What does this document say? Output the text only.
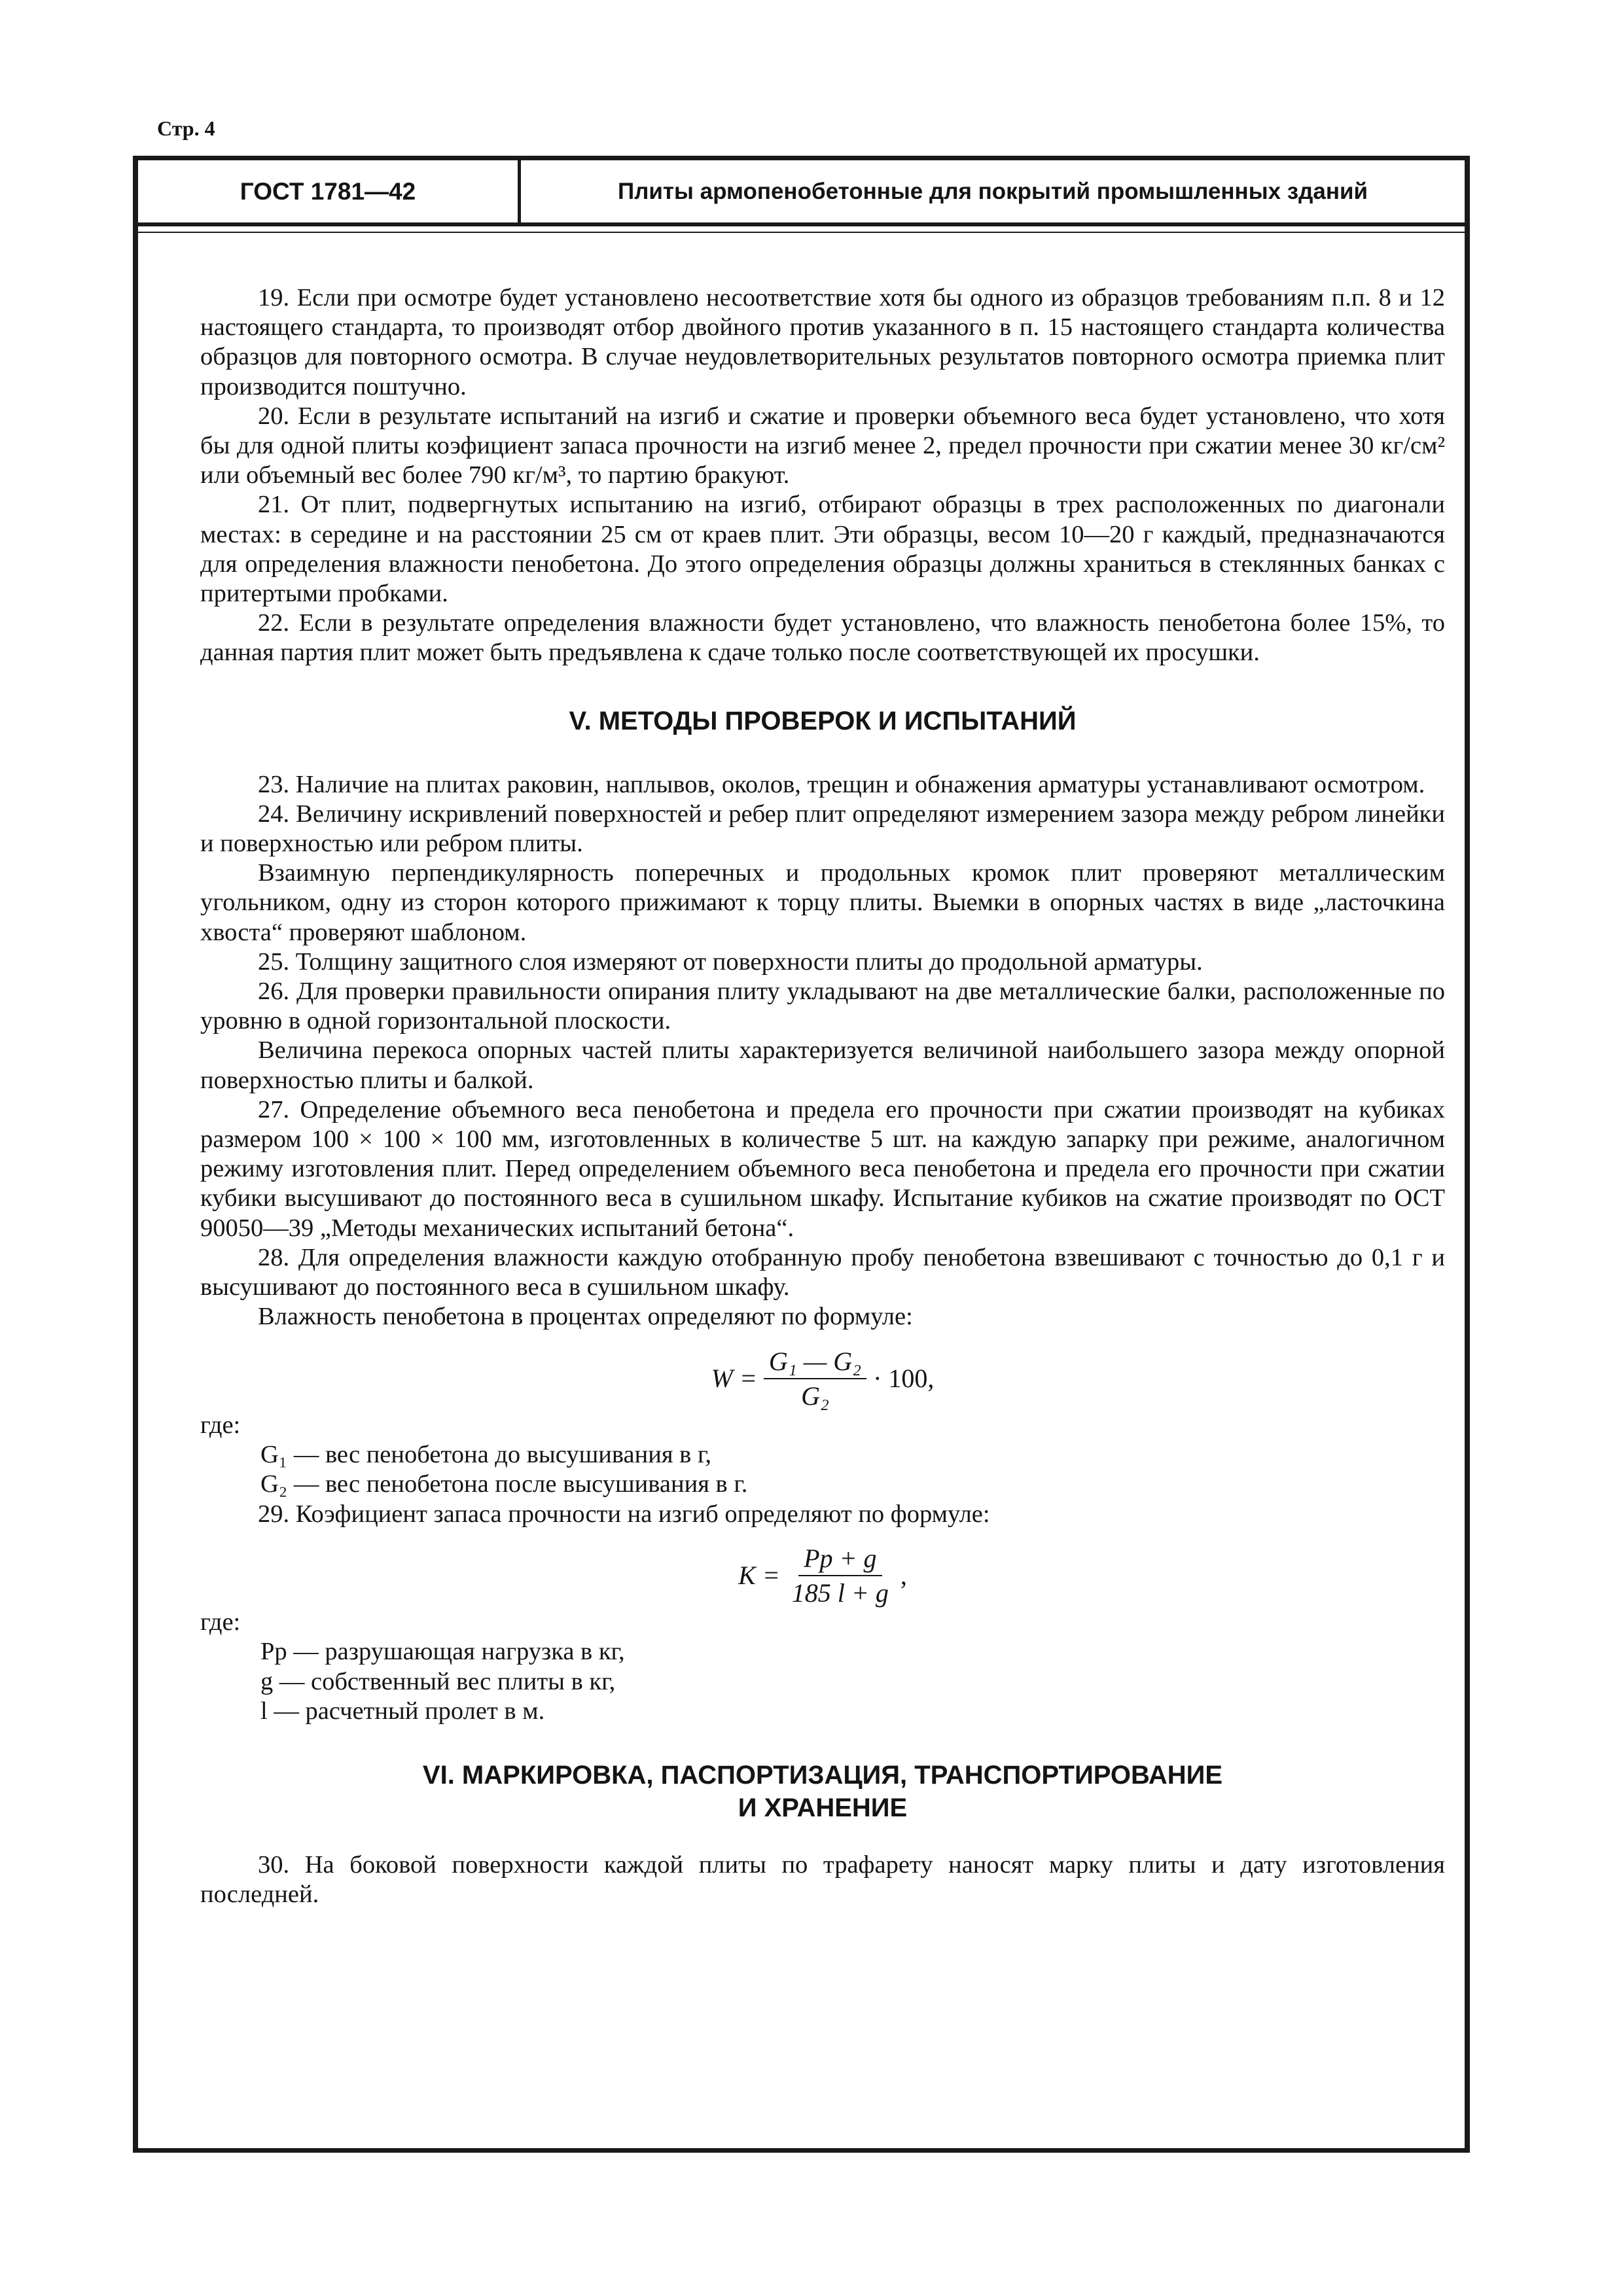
Стр. 4
ГОСТ 1781—42	Плиты армопенобетонные для покрытий промышленных зданий

19. Если при осмотре будет установлено несоответствие хотя бы одного из образцов требованиям п.п. 8 и 12 настоящего стандарта, то производят отбор двойного против указанного в п. 15 настоящего стандарта количества образцов для повторного осмотра. В случае неудовлетворительных результатов повторного осмотра приемка плит производится поштучно.

20. Если в результате испытаний на изгиб и сжатие и проверки объемного веса будет установлено, что хотя бы для одной плиты коэфициент запаса прочности на изгиб менее 2, предел прочности при сжатии менее 30 кг/см² или объемный вес более 790 кг/м³, то партию бракуют.

21. От плит, подвергнутых испытанию на изгиб, отбирают образцы в трех расположенных по диагонали местах: в середине и на расстоянии 25 см от краев плит. Эти образцы, весом 10—20 г каждый, предназначаются для определения влажности пенобетона. До этого определения образцы должны храниться в стеклянных банках с притертыми пробками.

22. Если в результате определения влажности будет установлено, что влажность пенобетона более 15%, то данная партия плит может быть предъявлена к сдаче только после соответствующей их просушки.

V. МЕТОДЫ ПРОВЕРОК И ИСПЫТАНИЙ

23. Наличие на плитах раковин, наплывов, околов, трещин и обнажения арматуры устанавливают осмотром.

24. Величину искривлений поверхностей и ребер плит определяют измерением зазора между ребром линейки и поверхностью или ребром плиты.

Взаимную перпендикулярность поперечных и продольных кромок плит проверяют металлическим угольником, одну из сторон которого прижимают к торцу плиты. Выемки в опорных частях в виде „ласточкина хвоста“ проверяют шаблоном.

25. Толщину защитного слоя измеряют от поверхности плиты до продольной арматуры.

26. Для проверки правильности опирания плиту укладывают на две металлические балки, расположенные по уровню в одной горизонтальной плоскости.

Величина перекоса опорных частей плиты характеризуется величиной наибольшего зазора между опорной поверхностью плиты и балкой.

27. Определение объемного веса пенобетона и предела его прочности при сжатии производят на кубиках размером 100 × 100 × 100 мм, изготовленных в количестве 5 шт. на каждую запарку при режиме, аналогичном режиму изготовления плит. Перед определением объемного веса пенобетона и предела его прочности при сжатии кубики высушивают до постоянного веса в сушильном шкафу. Испытание кубиков на сжатие производят по ОСТ 90050—39 „Методы механических испытаний бетона“.

28. Для определения влажности каждую отобранную пробу пенобетона взвешивают с точностью до 0,1 г и высушивают до постоянного веса в сушильном шкафу.

Влажность пенобетона в процентах определяют по формуле:

$W = \frac{\text{G₁ — G₂}}{\text{G₂}} \cdot 100$,

где:

G₁ — вес пенобетона до высушивания в г,

G₂ — вес пенобетона после высушивания в г.

29. Коэфициент запаса прочности на изгиб определяют по формуле:

$K = \frac{Pр + g}{185 l + g}$ ,

где:

Pр — разрушающая нагрузка в кг,

g — собственный вес плиты в кг,

l — расчетный пролет в м.

VI. МАРКИРОВКА, ПАСПОРТИЗАЦИЯ, ТРАНСПОРТИРОВАНИЕ

И ХРАНЕНИЕ

30. На боковой поверхности каждой плиты по трафарету наносят марку плиты и дату изготовления последней.
